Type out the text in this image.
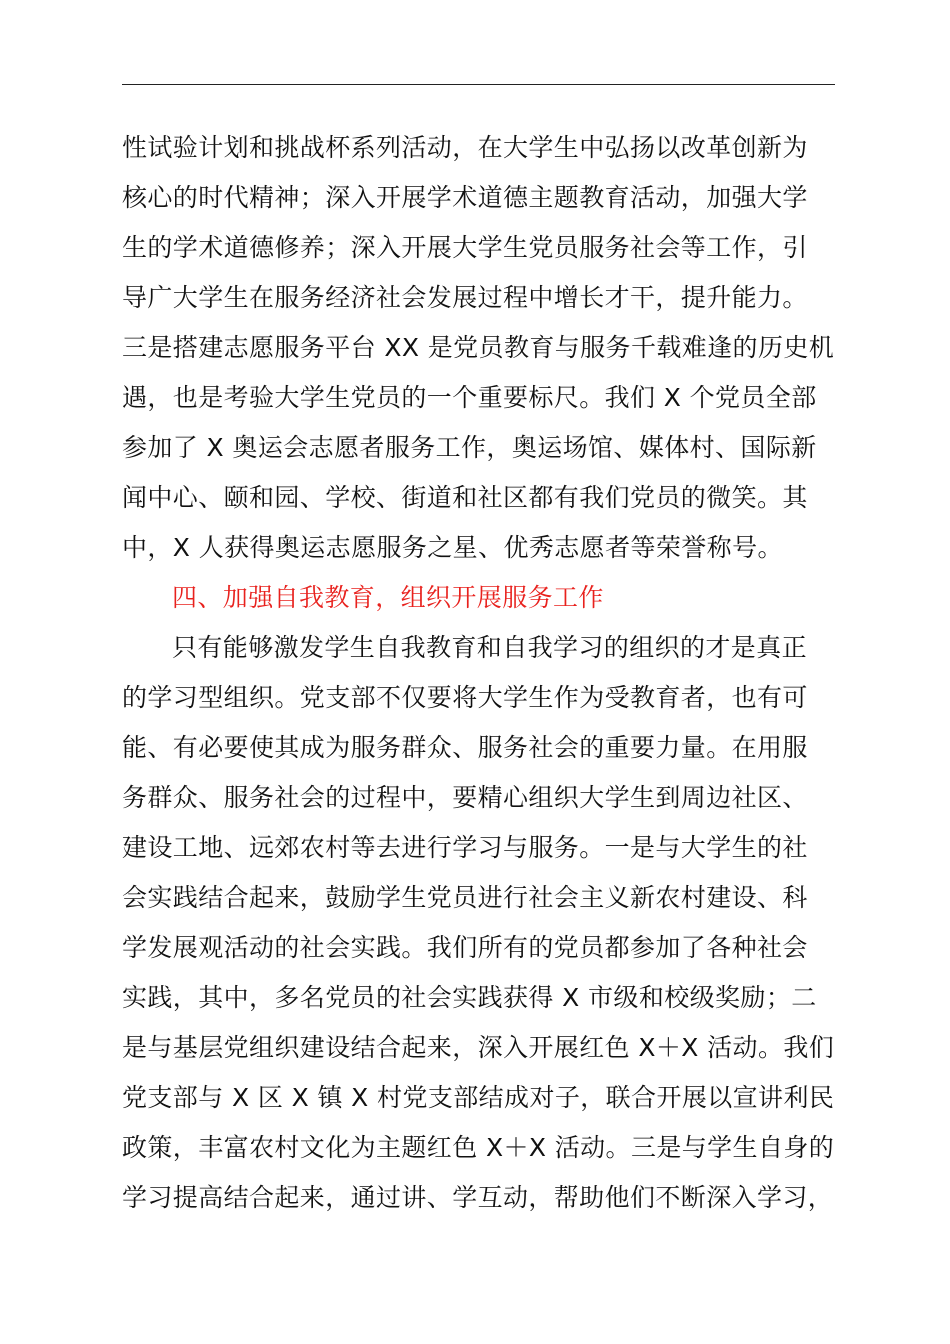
性试验计划和挑战杯系列活动，在大学生中弘扬以改革创新为
核心的时代精神；深入开展学术道德主题教育活动，加强大学
生的学术道德修养；深入开展大学生党员服务社会等工作，引
导广大学生在服务经济社会发展过程中增长才干，提升能力。
三是搭建志愿服务平台 XX 是党员教育与服务千载难逢的历史机
遇，也是考验大学生党员的一个重要标尺。我们 X 个党员全部
参加了 X 奥运会志愿者服务工作，奥运场馆、媒体村、国际新
闻中心、颐和园、学校、街道和社区都有我们党员的微笑。其
中，X 人获得奥运志愿服务之星、优秀志愿者等荣誉称号。
四、加强自我教育，组织开展服务工作
只有能够激发学生自我教育和自我学习的组织的才是真正
的学习型组织。党支部不仅要将大学生作为受教育者，也有可
能、有必要使其成为服务群众、服务社会的重要力量。在用服
务群众、服务社会的过程中，要精心组织大学生到周边社区、
建设工地、远郊农村等去进行学习与服务。一是与大学生的社
会实践结合起来，鼓励学生党员进行社会主义新农村建设、科
学发展观活动的社会实践。我们所有的党员都参加了各种社会
实践，其中，多名党员的社会实践获得 X 市级和校级奖励；二
是与基层党组织建设结合起来，深入开展红色 X＋X 活动。我们
党支部与 X 区 X 镇 X 村党支部结成对子，联合开展以宣讲利民
政策，丰富农村文化为主题红色 X＋X 活动。三是与学生自身的
学习提高结合起来，通过讲、学互动，帮助他们不断深入学习，
